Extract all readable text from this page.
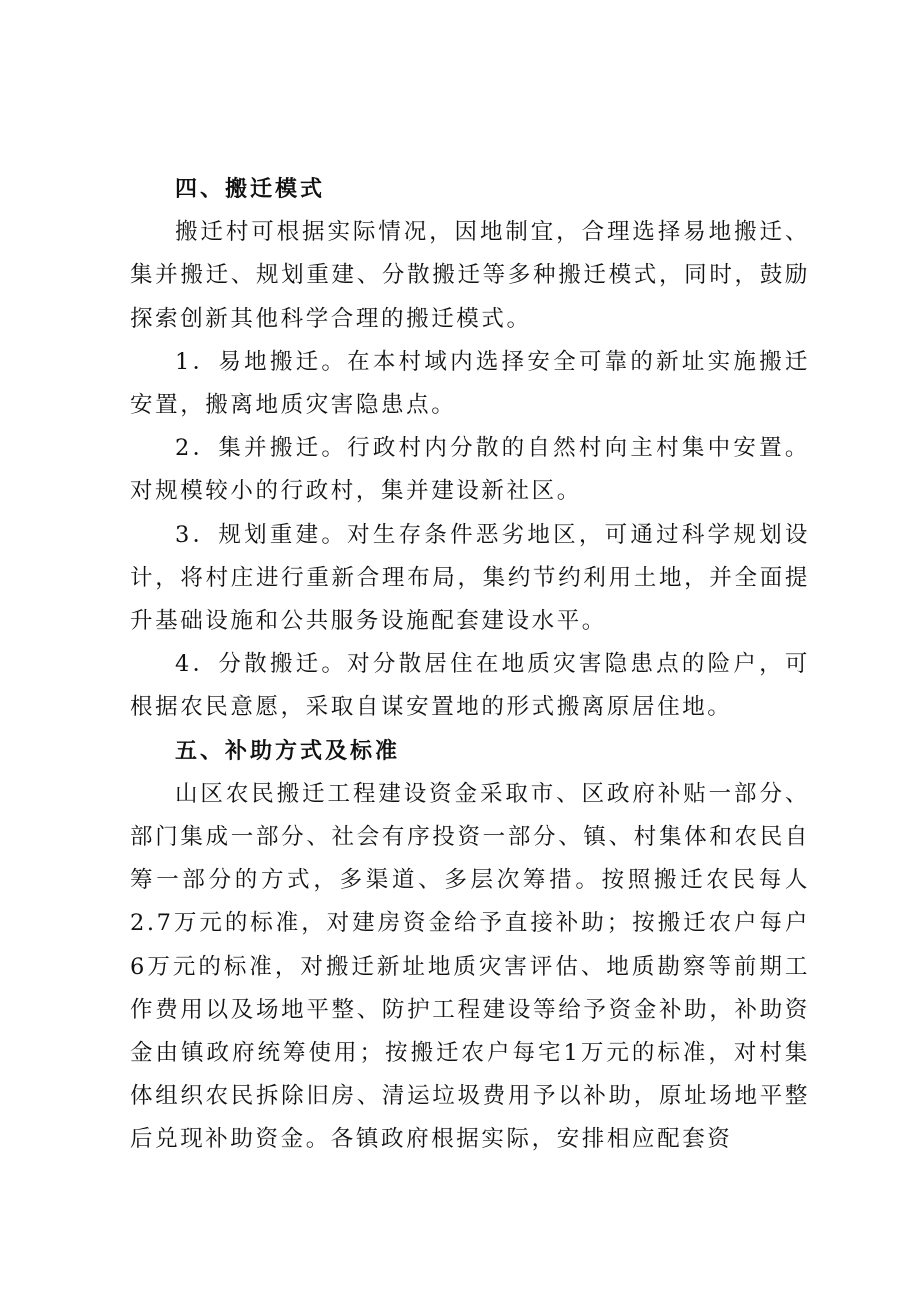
四、搬迁模式

搬迁村可根据实际情况，因地制宜，合理选择易地搬迁、集并搬迁、规划重建、分散搬迁等多种搬迁模式，同时，鼓励探索创新其他科学合理的搬迁模式。

1．易地搬迁。在本村域内选择安全可靠的新址实施搬迁安置，搬离地质灾害隐患点。

2．集并搬迁。行政村内分散的自然村向主村集中安置。对规模较小的行政村，集并建设新社区。

3．规划重建。对生存条件恶劣地区，可通过科学规划设计，将村庄进行重新合理布局，集约节约利用土地，并全面提升基础设施和公共服务设施配套建设水平。

4．分散搬迁。对分散居住在地质灾害隐患点的险户，可根据农民意愿，采取自谋安置地的形式搬离原居住地。

五、补助方式及标准

山区农民搬迁工程建设资金采取市、区政府补贴一部分、部门集成一部分、社会有序投资一部分、镇、村集体和农民自筹一部分的方式，多渠道、多层次筹措。按照搬迁农民每人2.7万元的标准，对建房资金给予直接补助；按搬迁农户每户6万元的标准，对搬迁新址地质灾害评估、地质勘察等前期工作费用以及场地平整、防护工程建设等给予资金补助，补助资金由镇政府统筹使用；按搬迁农户每宅1万元的标准，对村集体组织农民拆除旧房、清运垃圾费用予以补助，原址场地平整后兑现补助资金。各镇政府根据实际，安排相应配套资
